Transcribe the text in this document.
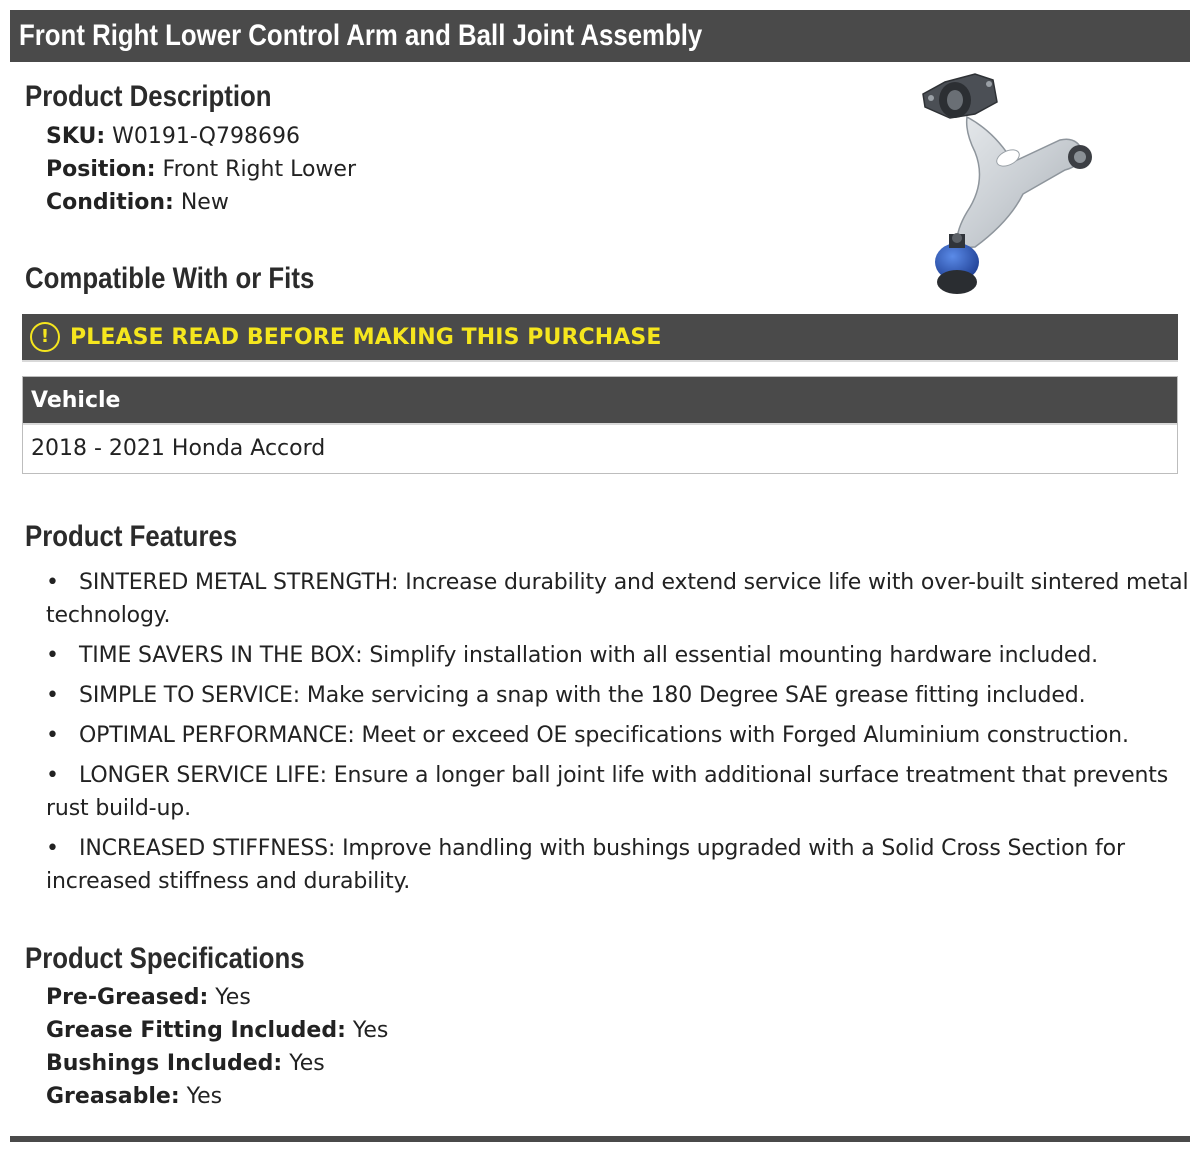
Front Right Lower Control Arm and Ball Joint Assembly
Product Description
SKU: W0191-Q798696
Position: Front Right Lower
Condition: New
Compatible With or Fits
! PLEASE READ BEFORE MAKING THIS PURCHASE
Vehicle
2018 - 2021 Honda Accord
Product Features
• SINTERED METAL STRENGTH: Increase durability and extend service life with over-built sintered metal technology.
• TIME SAVERS IN THE BOX: Simplify installation with all essential mounting hardware included.
• SIMPLE TO SERVICE: Make servicing a snap with the 180 Degree SAE grease fitting included.
• OPTIMAL PERFORMANCE: Meet or exceed OE specifications with Forged Aluminium construction.
• LONGER SERVICE LIFE: Ensure a longer ball joint life with additional surface treatment that prevents rust build-up.
• INCREASED STIFFNESS: Improve handling with bushings upgraded with a Solid Cross Section for increased stiffness and durability.
Product Specifications
Pre-Greased: Yes
Grease Fitting Included: Yes
Bushings Included: Yes
Greasable: Yes
